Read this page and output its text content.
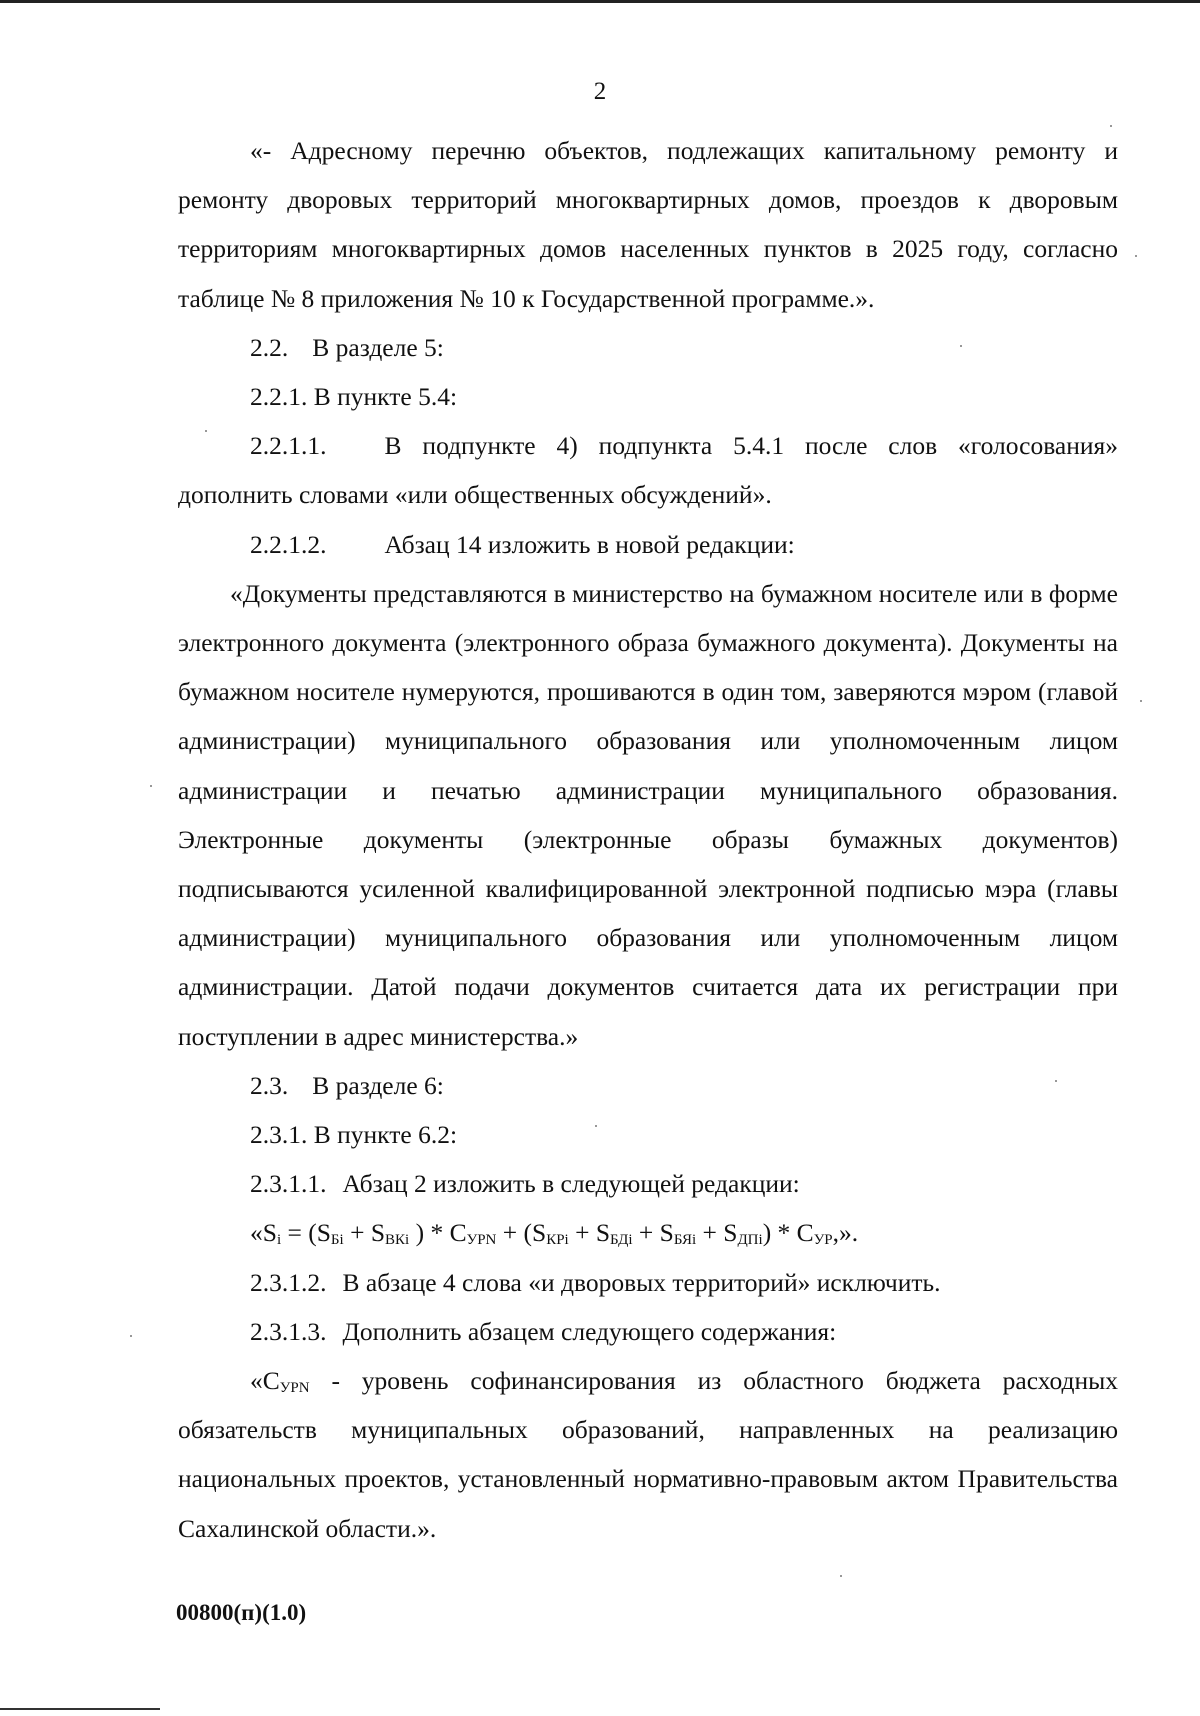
2

«- Адресному перечню объектов, подлежащих капитальному ремонту и ремонту дворовых территорий многоквартирных домов, проездов к дворовым территориям многоквартирных домов населенных пунктов в 2025 году, согласно таблице № 8 приложения № 10 к Государственной программе.».

2.2. В разделе 5:

2.2.1. В пункте 5.4:

2.2.1.1. В подпункте 4) подпункта 5.4.1 после слов «голосования» дополнить словами «или общественных обсуждений».

2.2.1.2. Абзац 14 изложить в новой редакции:

«Документы представляются в министерство на бумажном носителе или в форме электронного документа (электронного образа бумажного документа). Документы на бумажном носителе нумеруются, прошиваются в один том, заверяются мэром (главой администрации) муниципального образования или уполномоченным лицом администрации и печатью администрации муниципального образования. Электронные документы (электронные образы бумажных документов) подписываются усиленной квалифицированной электронной подписью мэра (главы администрации) муниципального образования или уполномоченным лицом администрации. Датой подачи документов считается дата их регистрации при поступлении в адрес министерства.»

2.3. В разделе 6:

2.3.1. В пункте 6.2:

2.3.1.1. Абзац 2 изложить в следующей редакции:

«$S_i = (S_{Бi} + S_{ВКi}$ ) * $C_{УРN} + (S_{КРi} + S_{БДi} + S_{БЯi} + S_{ДПi}) * C_{УР}$,».

2.3.1.2. В абзаце 4 слова «и дворовых территорий» исключить.

2.3.1.3. Дополнить абзацем следующего содержания:

«$C_{УРN}$ - уровень софинансирования из областного бюджета расходных обязательств муниципальных образований, направленных на реализацию национальных проектов, установленный нормативно-правовым актом Правительства Сахалинской области.».

00800(п)(1.0)
